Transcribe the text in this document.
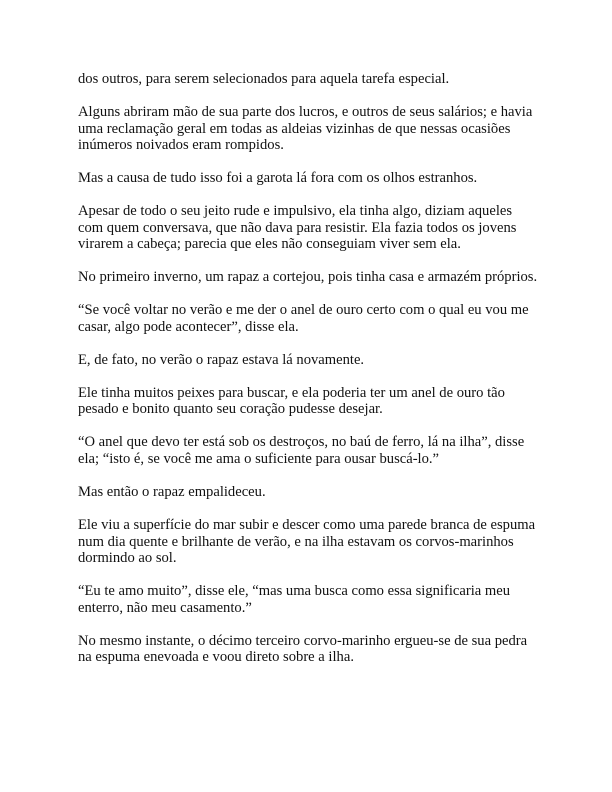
dos outros, para serem selecionados para aquela tarefa especial.

Alguns abriram mão de sua parte dos lucros, e outros de seus salários; e havia uma reclamação geral em todas as aldeias vizinhas de que nessas ocasiões inúmeros noivados eram rompidos.

Mas a causa de tudo isso foi a garota lá fora com os olhos estranhos.

Apesar de todo o seu jeito rude e impulsivo, ela tinha algo, diziam aqueles com quem conversava, que não dava para resistir. Ela fazia todos os jovens virarem a cabeça; parecia que eles não conseguiam viver sem ela.

No primeiro inverno, um rapaz a cortejou, pois tinha casa e armazém próprios.

“Se você voltar no verão e me der o anel de ouro certo com o qual eu vou me casar, algo pode acontecer”, disse ela.

E, de fato, no verão o rapaz estava lá novamente.

Ele tinha muitos peixes para buscar, e ela poderia ter um anel de ouro tão pesado e bonito quanto seu coração pudesse desejar.

“O anel que devo ter está sob os destroços, no baú de ferro, lá na ilha”, disse ela; “isto é, se você me ama o suficiente para ousar buscá-lo.”

Mas então o rapaz empalideceu.

Ele viu a superfície do mar subir e descer como uma parede branca de espuma num dia quente e brilhante de verão, e na ilha estavam os corvos-marinhos dormindo ao sol.

“Eu te amo muito”, disse ele, “mas uma busca como essa significaria meu enterro, não meu casamento.”

No mesmo instante, o décimo terceiro corvo-marinho ergueu-se de sua pedra na espuma enevoada e voou direto sobre a ilha.
